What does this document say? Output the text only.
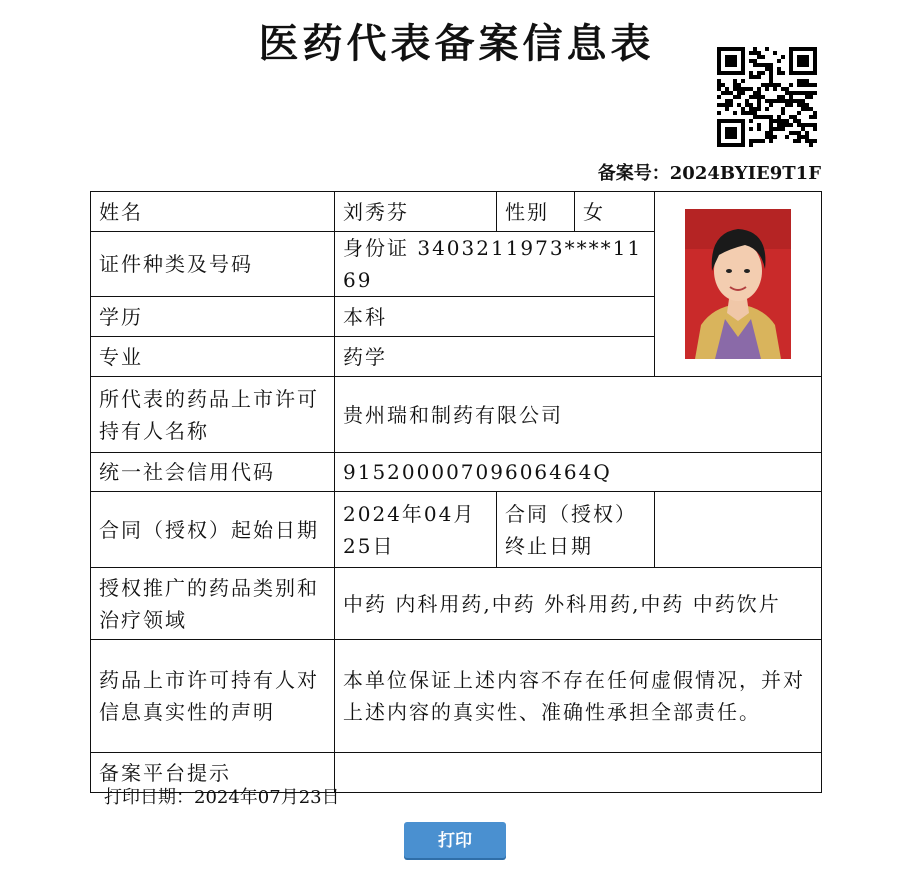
医药代表备案信息表
备案号：2024BYIE9T1F
姓名	刘秀芬	性别	女	
证件种类及号码	身份证 3403211973****1169			
学历	本科			
专业	药学			
所代表的药品上市许可持有人名称	贵州瑞和制药有限公司			
统一社会信用代码	91520000709606464Q			
合同（授权）起始日期	2024年04月25日	合同（授权）终止日期		
授权推广的药品类别和治疗领域	中药 内科用药,中药 外科用药,中药 中药饮片			
药品上市许可持有人对信息真实性的声明	本单位保证上述内容不存在任何虚假情况，并对上述内容的真实性、准确性承担全部责任。			
备案平台提示				
打印日期：2024年07月23日
打印
